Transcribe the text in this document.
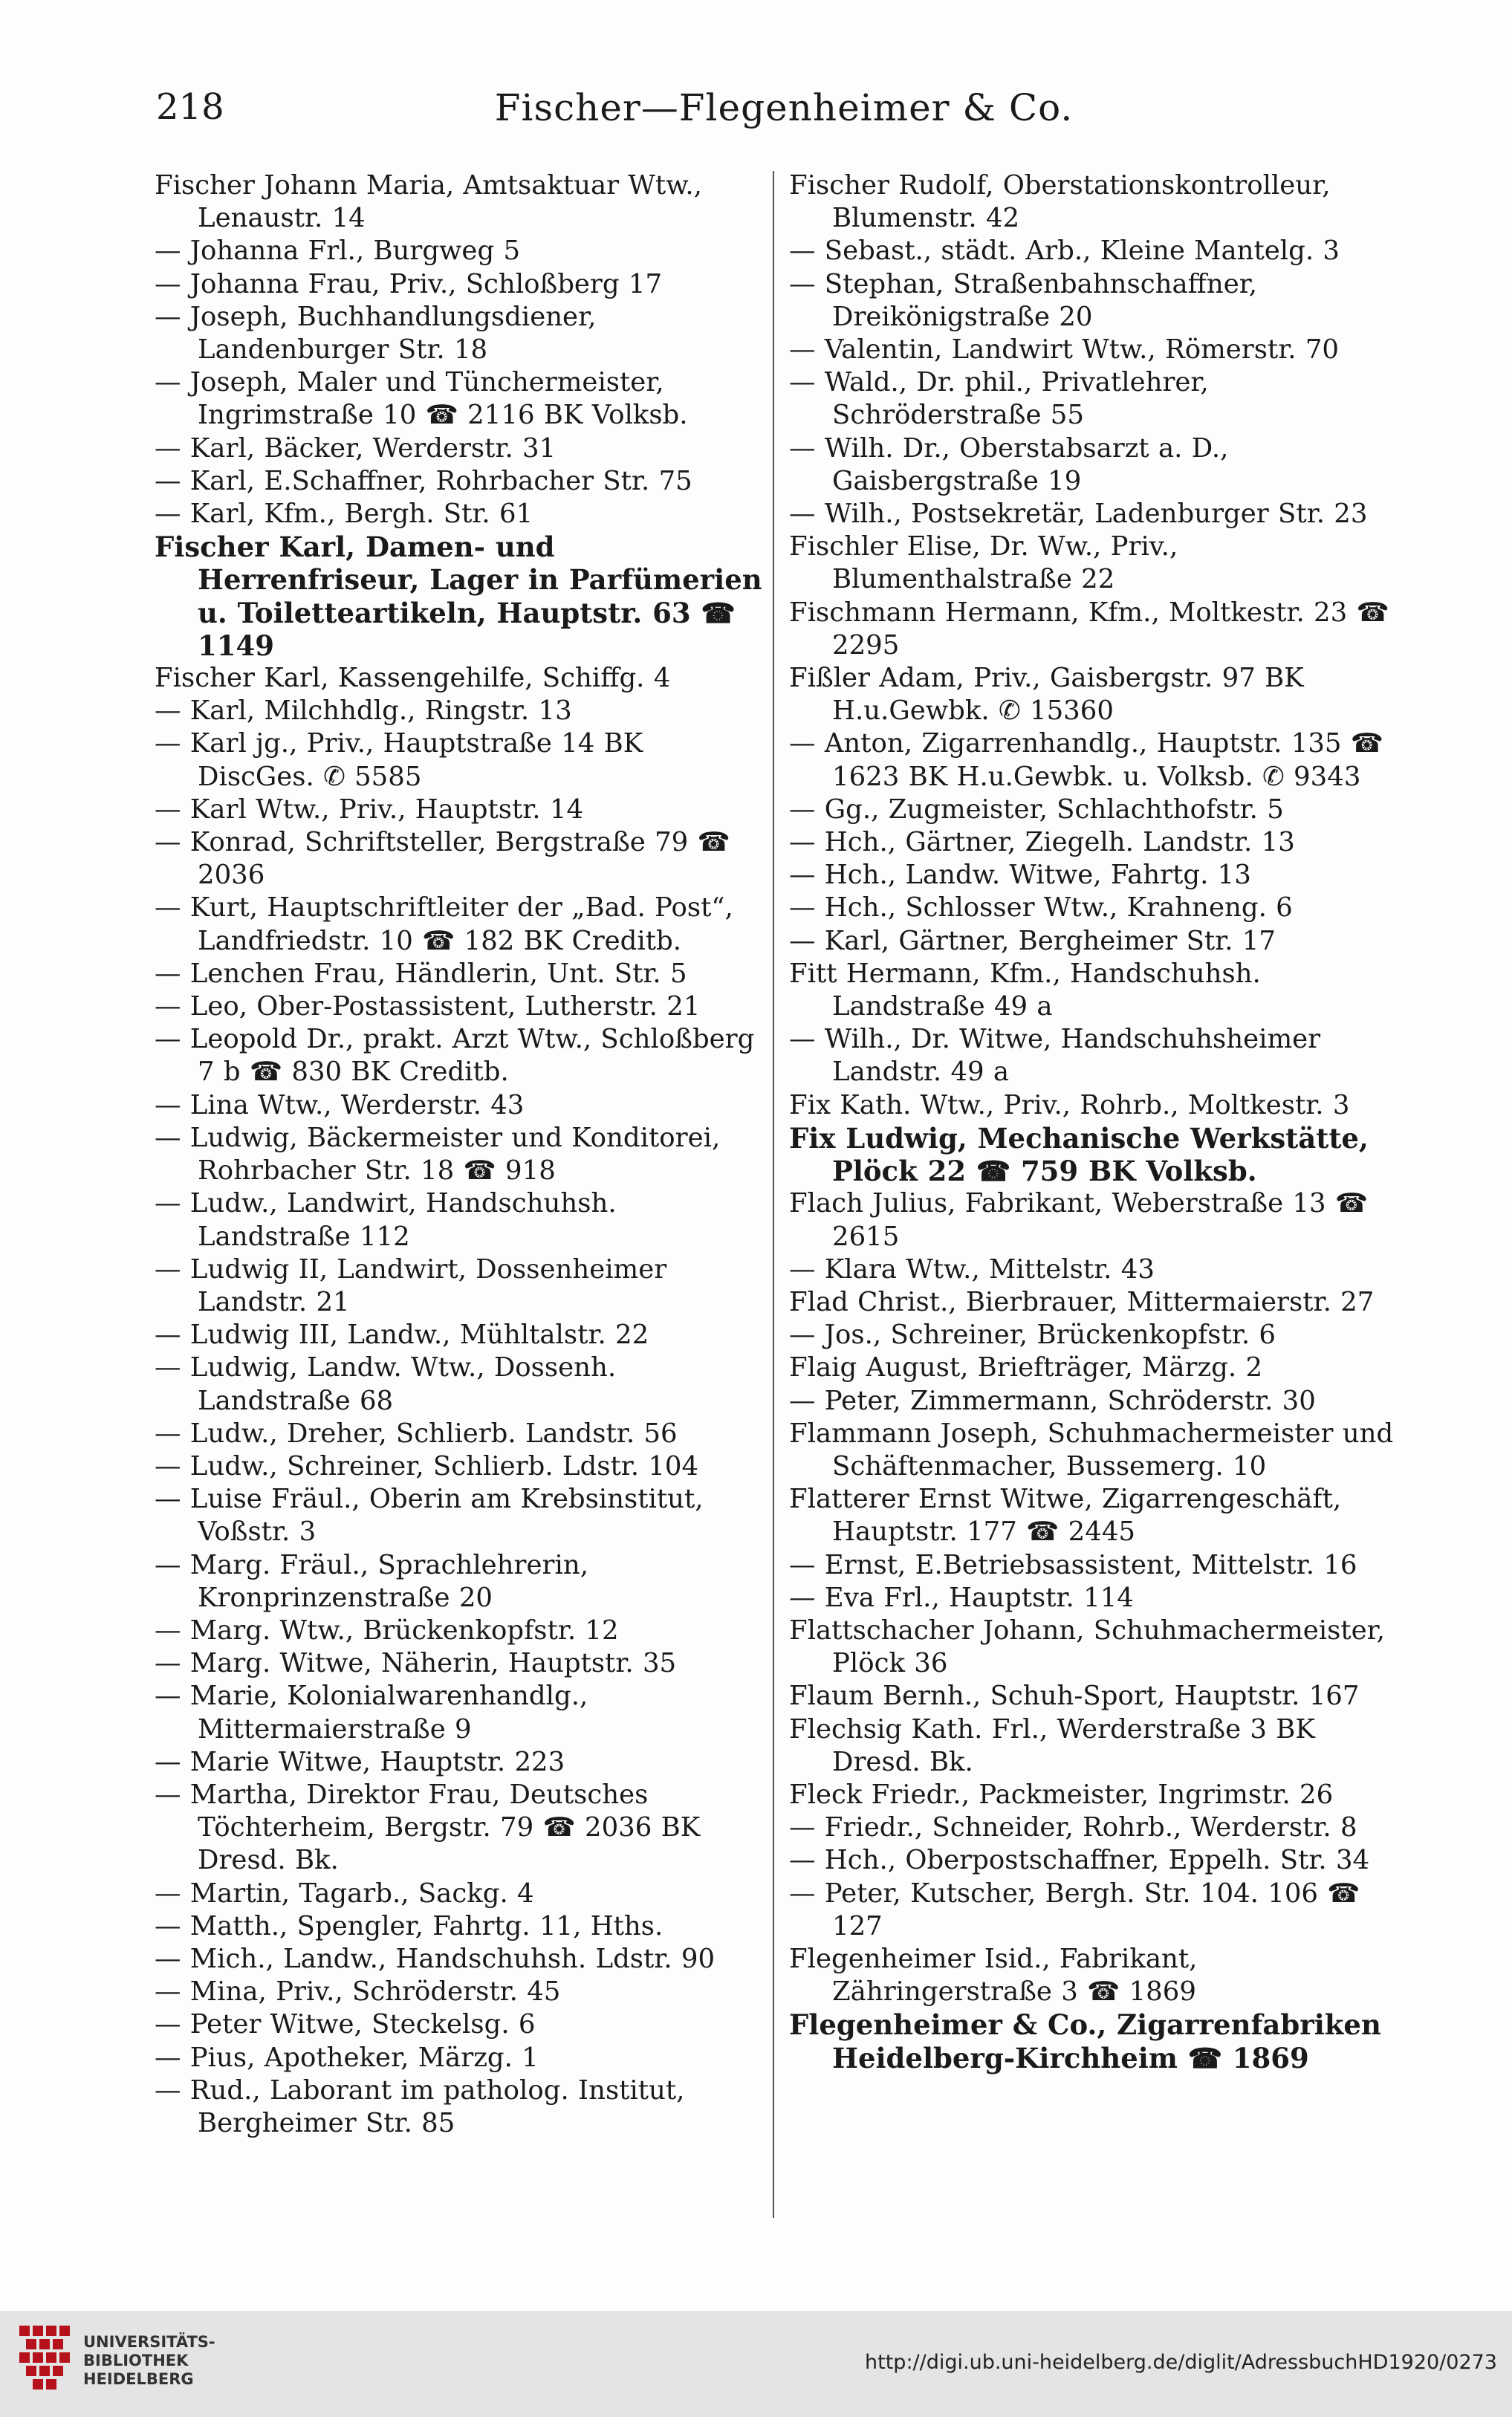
218	Fischer—Flegenheimer & Co.
Fischer Johann Maria, Amtsaktuar Wtw., Lenaustr. 14
— Johanna Frl., Burgweg 5
— Johanna Frau, Priv., Schloßberg 17
— Joseph, Buchhandlungsdiener, Landenburger Str. 18
— Joseph, Maler und Tünchermeister, Ingrimstraße 10 ☎ 2116 BK Volksb.
— Karl, Bäcker, Werderstr. 31
— Karl, E.Schaffner, Rohrbacher Str. 75
— Karl, Kfm., Bergh. Str. 61
Fischer Karl, Damen- und Herrenfriseur, Lager in Parfümerien u. Toilettеartikeln, Hauptstr. 63 ☎ 1149
Fischer Karl, Kassengehilfe, Schiffg. 4
— Karl, Milchhdlg., Ringstr. 13
— Karl jg., Priv., Hauptstraße 14 BK DiscGes. ✆ 5585
— Karl Wtw., Priv., Hauptstr. 14
— Konrad, Schriftsteller, Bergstraße 79 ☎ 2036
— Kurt, Hauptschriftleiter der „Bad. Post“, Landfriedstr. 10 ☎ 182 BK Creditb.
— Lenchen Frau, Händlerin, Unt. Str. 5
— Leo, Ober-Postassistent, Lutherstr. 21
— Leopold Dr., prakt. Arzt Wtw., Schloßberg 7 b ☎ 830 BK Creditb.
— Lina Wtw., Werderstr. 43
— Ludwig, Bäckermeister und Konditorei, Rohrbacher Str. 18 ☎ 918
— Ludw., Landwirt, Handschuhsh. Landstraße 112
— Ludwig II, Landwirt, Dossenheimer Landstr. 21
— Ludwig III, Landw., Mühltalstr. 22
— Ludwig, Landw. Wtw., Dossenh. Landstraße 68
— Ludw., Dreher, Schlierb. Landstr. 56
— Ludw., Schreiner, Schlierb. Ldstr. 104
— Luise Fräul., Oberin am Krebsinstitut, Voßstr. 3
— Marg. Fräul., Sprachlehrerin, Kronprinzenstraße 20
— Marg. Wtw., Brückenkopfstr. 12
— Marg. Witwe, Näherin, Hauptstr. 35
— Marie, Kolonialwarenhandlg., Mittermaierstraße 9
— Marie Witwe, Hauptstr. 223
— Martha, Direktor Frau, Deutsches Töchterheim, Bergstr. 79 ☎ 2036 BK Dresd. Bk.
— Martin, Tagarb., Sackg. 4
— Matth., Spengler, Fahrtg. 11, Hths.
— Mich., Landw., Handschuhsh. Ldstr. 90
— Mina, Priv., Schröderstr. 45
— Peter Witwe, Steckelsg. 6
— Pius, Apotheker, Märzg. 1
— Rud., Laborant im patholog. Institut, Bergheimer Str. 85
Fischer Rudolf, Oberstationskontrolleur, Blumenstr. 42
— Sebast., städt. Arb., Kleine Mantelg. 3
— Stephan, Straßenbahnschaffner, Dreikönigstraße 20
— Valentin, Landwirt Wtw., Römerstr. 70
— Wald., Dr. phil., Privatlehrer, Schröderstraße 55
— Wilh. Dr., Oberstabsarzt a. D., Gaisbergstraße 19
— Wilh., Postsekretär, Ladenburger Str. 23
Fischler Elise, Dr. Ww., Priv., Blumenthalstraße 22
Fischmann Hermann, Kfm., Moltkestr. 23 ☎ 2295
Fißler Adam, Priv., Gaisbergstr. 97 BK H.u.Gewbk. ✆ 15360
— Anton, Zigarrenhandlg., Hauptstr. 135 ☎ 1623 BK H.u.Gewbk. u. Volksb. ✆ 9343
— Gg., Zugmeister, Schlachthofstr. 5
— Hch., Gärtner, Ziegelh. Landstr. 13
— Hch., Landw. Witwe, Fahrtg. 13
— Hch., Schlosser Wtw., Krahneng. 6
— Karl, Gärtner, Bergheimer Str. 17
Fitt Hermann, Kfm., Handschuhsh. Landstraße 49 a
— Wilh., Dr. Witwe, Handschuhsheimer Landstr. 49 a
Fix Kath. Wtw., Priv., Rohrb., Moltkestr. 3
Fix Ludwig, Mechanische Werkstätte, Plöck 22 ☎ 759 BK Volksb.
Flach Julius, Fabrikant, Weberstraße 13 ☎ 2615
— Klara Wtw., Mittelstr. 43
Flad Christ., Bierbrauer, Mittermaierstr. 27
— Jos., Schreiner, Brückenkopfstr. 6
Flaig August, Briefträger, Märzg. 2
— Peter, Zimmermann, Schröderstr. 30
Flammann Joseph, Schuhmachermeister und Schäftenmacher, Bussemerg. 10
Flatterer Ernst Witwe, Zigarrengeschäft, Hauptstr. 177 ☎ 2445
— Ernst, E.Betriebsassistent, Mittelstr. 16
— Eva Frl., Hauptstr. 114
Flattschacher Johann, Schuhmachermeister, Plöck 36
Flaum Bernh., Schuh-Sport, Hauptstr. 167
Flechsig Kath. Frl., Werderstraße 3 BK Dresd. Bk.
Fleck Friedr., Packmeister, Ingrimstr. 26
— Friedr., Schneider, Rohrb., Werderstr. 8
— Hch., Oberpostschaffner, Eppelh. Str. 34
— Peter, Kutscher, Bergh. Str. 104. 106 ☎ 127
Flegenheimer Isid., Fabrikant, Zähringerstraße 3 ☎ 1869
Flegenheimer & Co., Zigarrenfabriken Heidelberg-Kirchheim ☎ 1869
UNIVERSITÄTS-
BIBLIOTHEK
HEIDELBERG
http://digi.ub.uni-heidelberg.de/diglit/AdressbuchHD1920/0273
